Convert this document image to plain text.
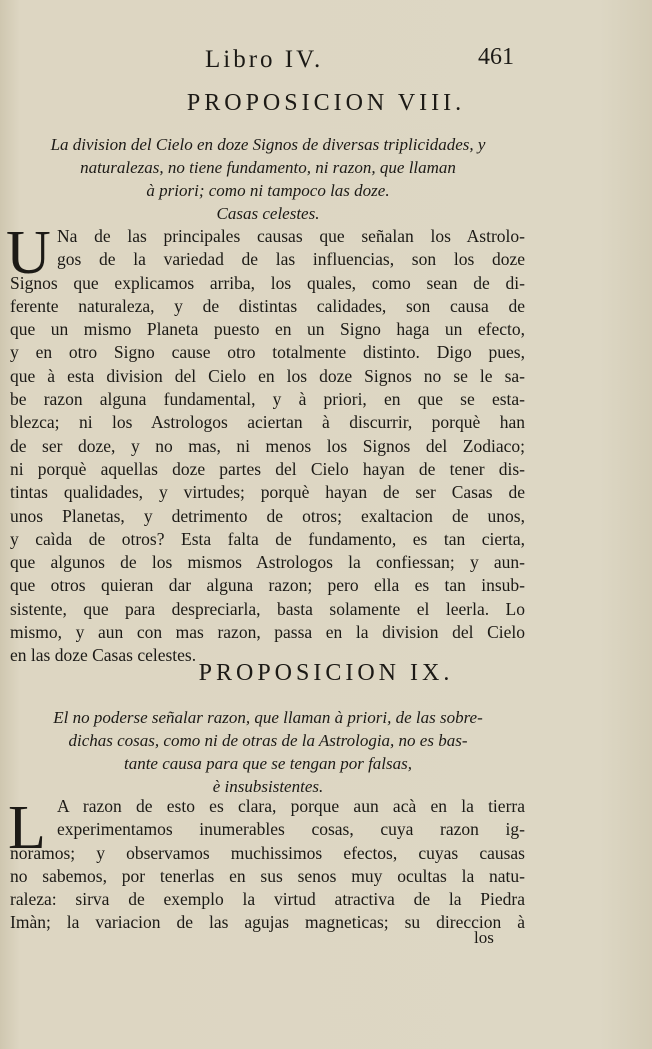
Libro IV.	461
PROPOSICION VIII.
La division del Cielo en doze Signos de diversas triplicidades, y
naturalezas, no tiene fundamento, ni razon, que llaman
à priori; como ni tampoco las doze.
Casas celestes.
U Na de las principales causas que señalan los Astrolo-
gos de la variedad de las influencias, son los doze
Signos que explicamos arriba, los quales, como sean de di-
ferente naturaleza, y de distintas calidades, son causa de
que un mismo Planeta puesto en un Signo haga un efecto,
y en otro Signo cause otro totalmente distinto. Digo pues,
que à esta division del Cielo en los doze Signos no se le sa-
be razon alguna fundamental, y à priori, en que se esta-
blezca; ni los Astrologos aciertan à discurrir, porquè han
de ser doze, y no mas, ni menos los Signos del Zodiaco;
ni porquè aquellas doze partes del Cielo hayan de tener dis-
tintas qualidades, y virtudes; porquè hayan de ser Casas de
unos Planetas, y detrimento de otros; exaltacion de unos,
y caìda de otros? Esta falta de fundamento, es tan cierta,
que algunos de los mismos Astrologos la confiessan; y aun-
que otros quieran dar alguna razon; pero ella es tan insub-
sistente, que para despreciarla, basta solamente el leerla. Lo
mismo, y aun con mas razon, passa en la division del Cielo
en las doze Casas celestes.
PROPOSICION IX.
El no poderse señalar razon, que llaman à priori, de las sobre-
dichas cosas, como ni de otras de la Astrologia, no es bas-
tante causa para que se tengan por falsas,
è insubsistentes.
L A razon de esto es clara, porque aun acà en la tierra
experimentamos inumerables cosas, cuya razon ig-
noramos; y observamos muchissimos efectos, cuyas causas
no sabemos, por tenerlas en sus senos muy ocultas la natu-
raleza: sirva de exemplo la virtud atractiva de la Piedra
Imàn; la variacion de las agujas magneticas; su direccion à
los
